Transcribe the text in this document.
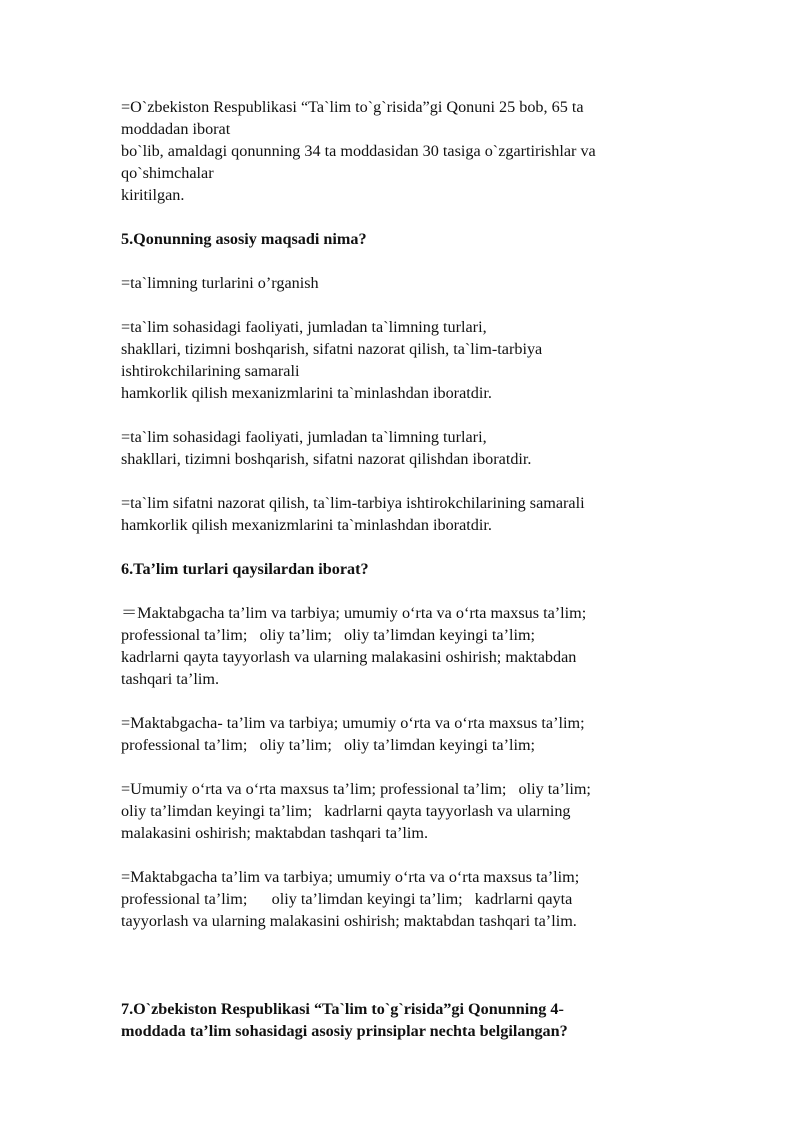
=O`zbekiston Respublikasi “Ta`lim to`g`risida”gi Qonuni 25 bob, 65 ta
moddadan iborat
bo`lib, amaldagi qonunning 34 ta moddasidan 30 tasiga o`zgartirishlar va
qo`shimchalar
kiritilgan.
5.Qonunning asosiy maqsadi nima?
=ta`limning turlarini o’rganish
=ta`lim sohasidagi faoliyati, jumladan ta`limning turlari,
shakllari, tizimni boshqarish, sifatni nazorat qilish, ta`lim-tarbiya
ishtirokchilarining samarali
hamkorlik qilish mexanizmlarini ta`minlashdan iboratdir.
=ta`lim sohasidagi faoliyati, jumladan ta`limning turlari,
shakllari, tizimni boshqarish, sifatni nazorat qilishdan iboratdir.
=ta`lim sifatni nazorat qilish, ta`lim-tarbiya ishtirokchilarining samarali
hamkorlik qilish mexanizmlarini ta`minlashdan iboratdir.
6.Ta’lim turlari qaysilardan iborat?
＝Maktabgacha ta’lim va tarbiya; umumiy o‘rta va o‘rta maxsus ta’lim;
professional ta’lim;   oliy ta’lim;   oliy ta’limdan keyingi ta’lim;
kadrlarni qayta tayyorlash va ularning malakasini oshirish; maktabdan
tashqari ta’lim.
=Maktabgacha- ta’lim va tarbiya; umumiy o‘rta va o‘rta maxsus ta’lim;
professional ta’lim;   oliy ta’lim;   oliy ta’limdan keyingi ta’lim;
=Umumiy o‘rta va o‘rta maxsus ta’lim; professional ta’lim;   oliy ta’lim;
oliy ta’limdan keyingi ta’lim;   kadrlarni qayta tayyorlash va ularning
malakasini oshirish; maktabdan tashqari ta’lim.
=Maktabgacha ta’lim va tarbiya; umumiy o‘rta va o‘rta maxsus ta’lim;
professional ta’lim;      oliy ta’limdan keyingi ta’lim;   kadrlarni qayta
tayyorlash va ularning malakasini oshirish; maktabdan tashqari ta’lim.
7.O`zbekiston Respublikasi “Ta`lim to`g`risida”gi Qonunning 4-
moddada ta’lim sohasidagi asosiy prinsiplar nechta belgilangan?
